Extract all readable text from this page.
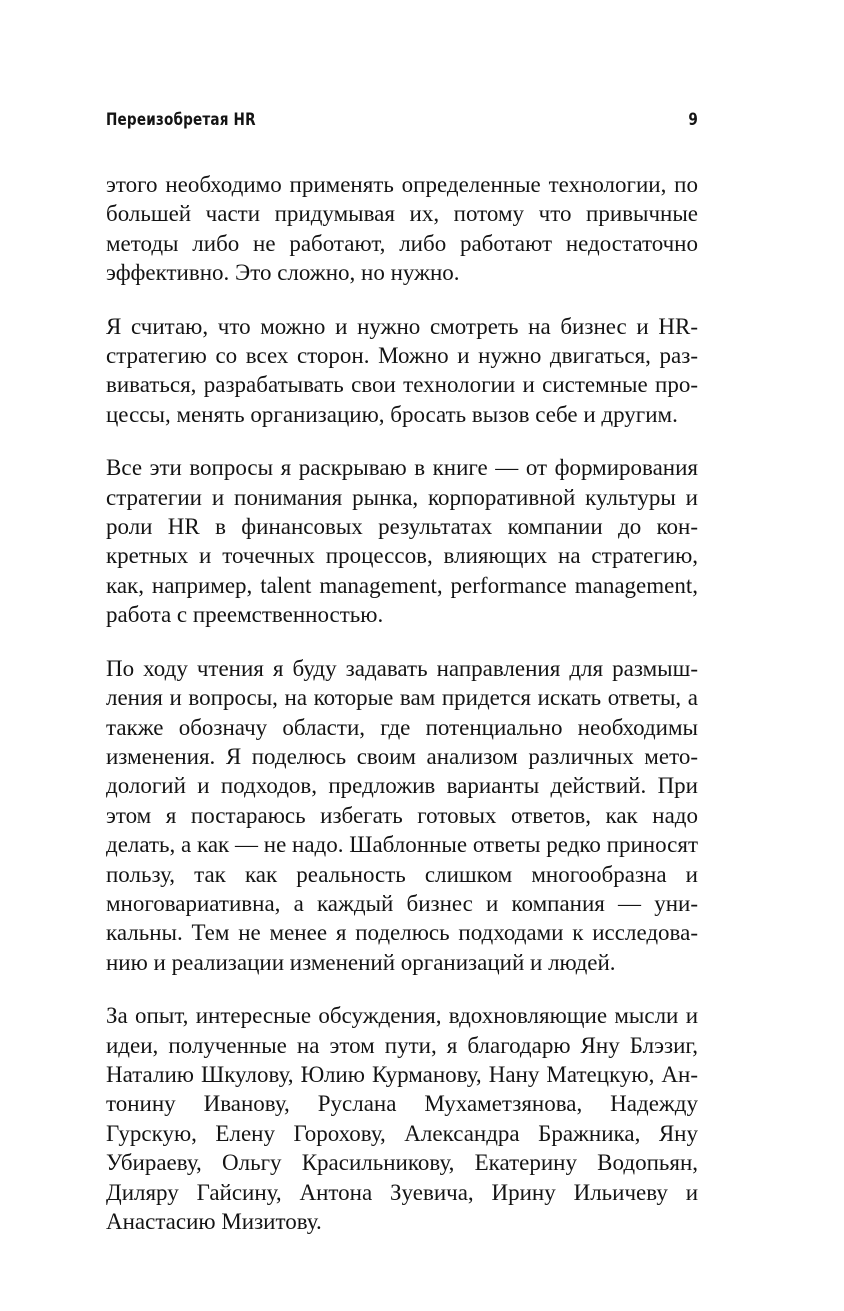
Переизобретая HR	9

этого необходимо применять определенные технологии, по большей части придумывая их, потому что привычные методы либо не работают, либо работают недостаточно эффективно. Это сложно, но нужно.

Я считаю, что можно и нужно смотреть на бизнес и HR-стратегию со всех сторон. Можно и нужно двигаться, развиваться, разрабатывать свои технологии и системные процессы, менять организацию, бросать вызов себе и другим.

Все эти вопросы я раскрываю в книге — от формирования стратегии и понимания рынка, корпоративной культуры и роли HR в финансовых результатах компании до конкретных и точечных процессов, влияющих на стратегию, как, например, talent management, performance management, работа с преемственностью.

По ходу чтения я буду задавать направления для размышления и вопросы, на которые вам придется искать ответы, а также обозначу области, где потенциально необходимы изменения. Я поделюсь своим анализом различных методологий и подходов, предложив варианты действий. При этом я постараюсь избегать готовых ответов, как надо делать, а как — не надо. Шаблонные ответы редко приносят пользу, так как реальность слишком многообразна и многовариативна, а каждый бизнес и компания — уникальны. Тем не менее я поделюсь подходами к исследованию и реализации изменений организаций и людей.

За опыт, интересные обсуждения, вдохновляющие мысли и идеи, полученные на этом пути, я благодарю Яну Блэзиг, Наталию Шкулову, Юлию Курманову, Нану Матецкую, Антонину Иванову, Руслана Мухаметзянова, Надежду Гурскую, Елену Горохову, Александра Бражника, Яну Убираеву, Ольгу Красильникову, Екатерину Водопьян, Диляру Гайсину, Антона Зуевича, Ирину Ильичеву и Анастасию Мизитову.
